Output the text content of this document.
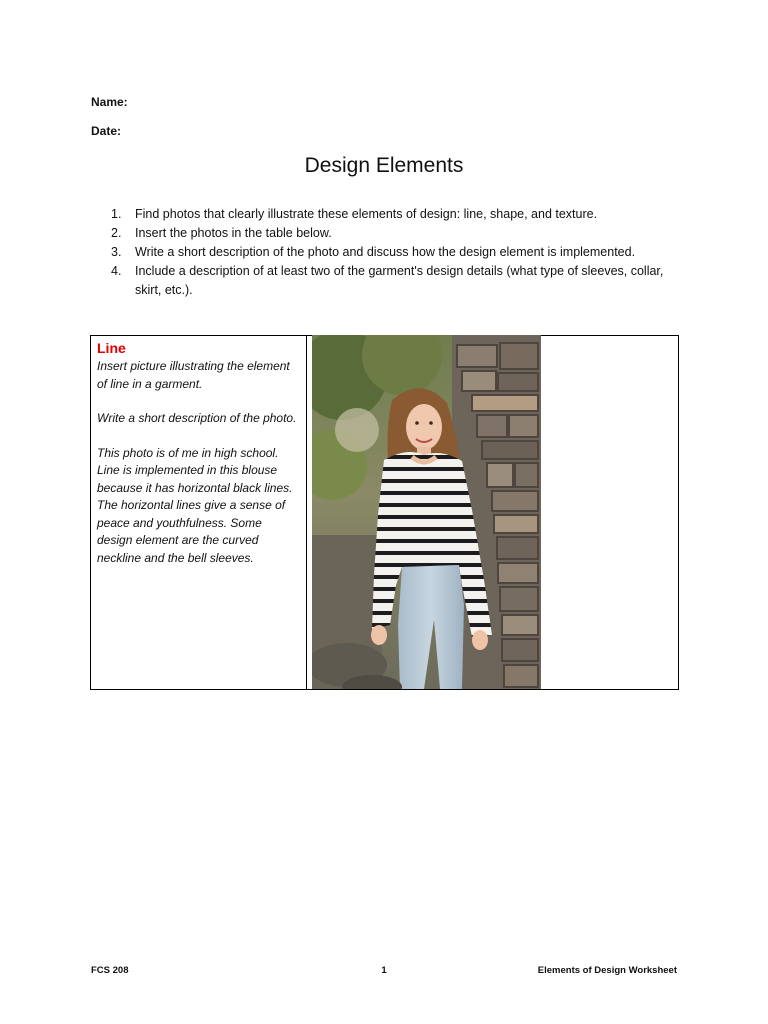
Name:
Date:
Design Elements
1. Find photos that clearly illustrate these elements of design: line, shape, and texture.
2. Insert the photos in the table below.
3. Write a short description of the photo and discuss how the design element is implemented.
4. Include a description of at least two of the garment's design details (what type of sleeves, collar, skirt, etc.).
Line

Insert picture illustrating the element of line in a garment.

Write a short description of the photo.

This photo is of me in high school. Line is implemented in this blouse because it has horizontal black lines. The horizontal lines give a sense of peace and youthfulness. Some design element are the curved neckline and the bell sleeves.

FCS 208	1	Elements of Design Worksheet
